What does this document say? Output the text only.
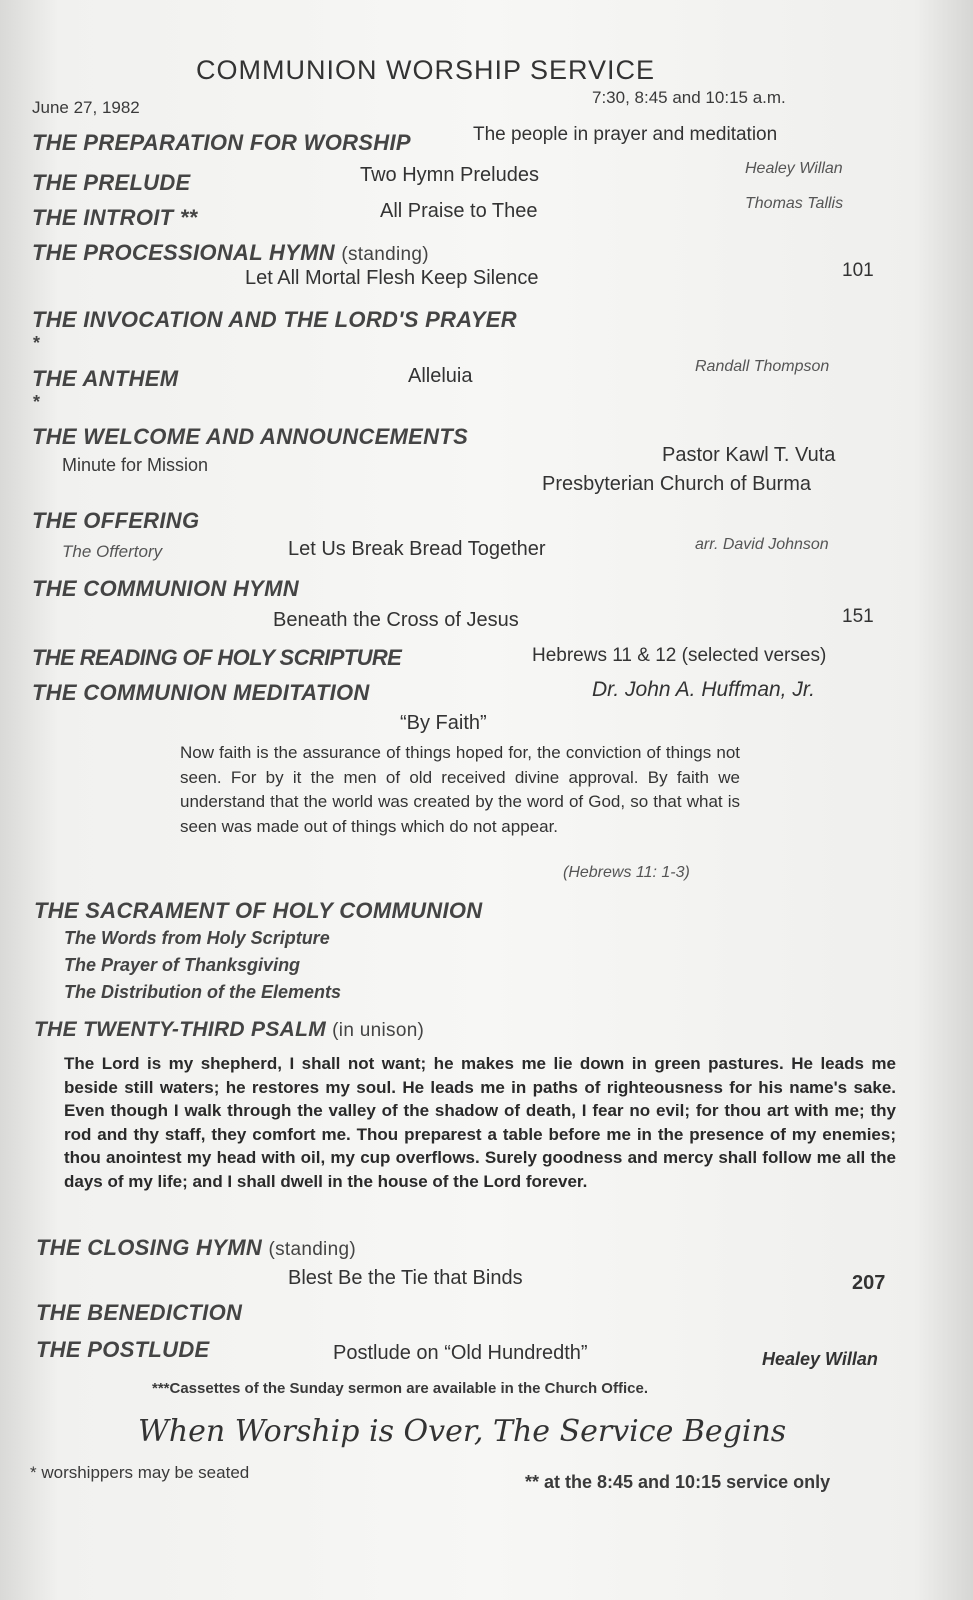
COMMUNION WORSHIP SERVICE
June 27, 1982
7:30, 8:45 and 10:15 a.m.
THE PREPARATION FOR WORSHIP	The people in prayer and meditation
THE PRELUDE	Two Hymn Preludes	Healey Willan
THE INTROIT **	All Praise to Thee	Thomas Tallis
THE PROCESSIONAL HYMN (standing)
Let All Mortal Flesh Keep Silence	101
THE INVOCATION AND THE LORD'S PRAYER
*
THE ANTHEM	Alleluia	Randall Thompson
*
THE WELCOME AND ANNOUNCEMENTS
Minute for Mission	Pastor Kawl T. Vuta
Presbyterian Church of Burma
THE OFFERING
The Offertory	Let Us Break Bread Together	arr. David Johnson
THE COMMUNION HYMN
Beneath the Cross of Jesus	151
THE READING OF HOLY SCRIPTURE	Hebrews 11 & 12 (selected verses)
THE COMMUNION MEDITATION	Dr. John A. Huffman, Jr.
“By Faith”
Now faith is the assurance of things hoped for, the conviction of things not seen. For by it the men of old received divine approval. By faith we understand that the world was created by the word of God, so that what is seen was made out of things which do not appear.
(Hebrews 11: 1-3)
THE SACRAMENT OF HOLY COMMUNION
The Words from Holy Scripture
The Prayer of Thanksgiving
The Distribution of the Elements
THE TWENTY-THIRD PSALM (in unison)
The Lord is my shepherd, I shall not want; he makes me lie down in green pastures. He leads me beside still waters; he restores my soul. He leads me in paths of righteousness for his name's sake. Even though I walk through the valley of the shadow of death, I fear no evil; for thou art with me; thy rod and thy staff, they comfort me. Thou preparest a table before me in the presence of my enemies; thou anointest my head with oil, my cup overflows. Surely goodness and mercy shall follow me all the days of my life; and I shall dwell in the house of the Lord forever.
THE CLOSING HYMN (standing)
Blest Be the Tie that Binds	207
THE BENEDICTION
THE POSTLUDE	Postlude on “Old Hundredth”	Healey Willan
***Cassettes of the Sunday sermon are available in the Church Office.
When Worship is Over, The Service Begins
* worshippers may be seated	** at the 8:45 and 10:15 service only
